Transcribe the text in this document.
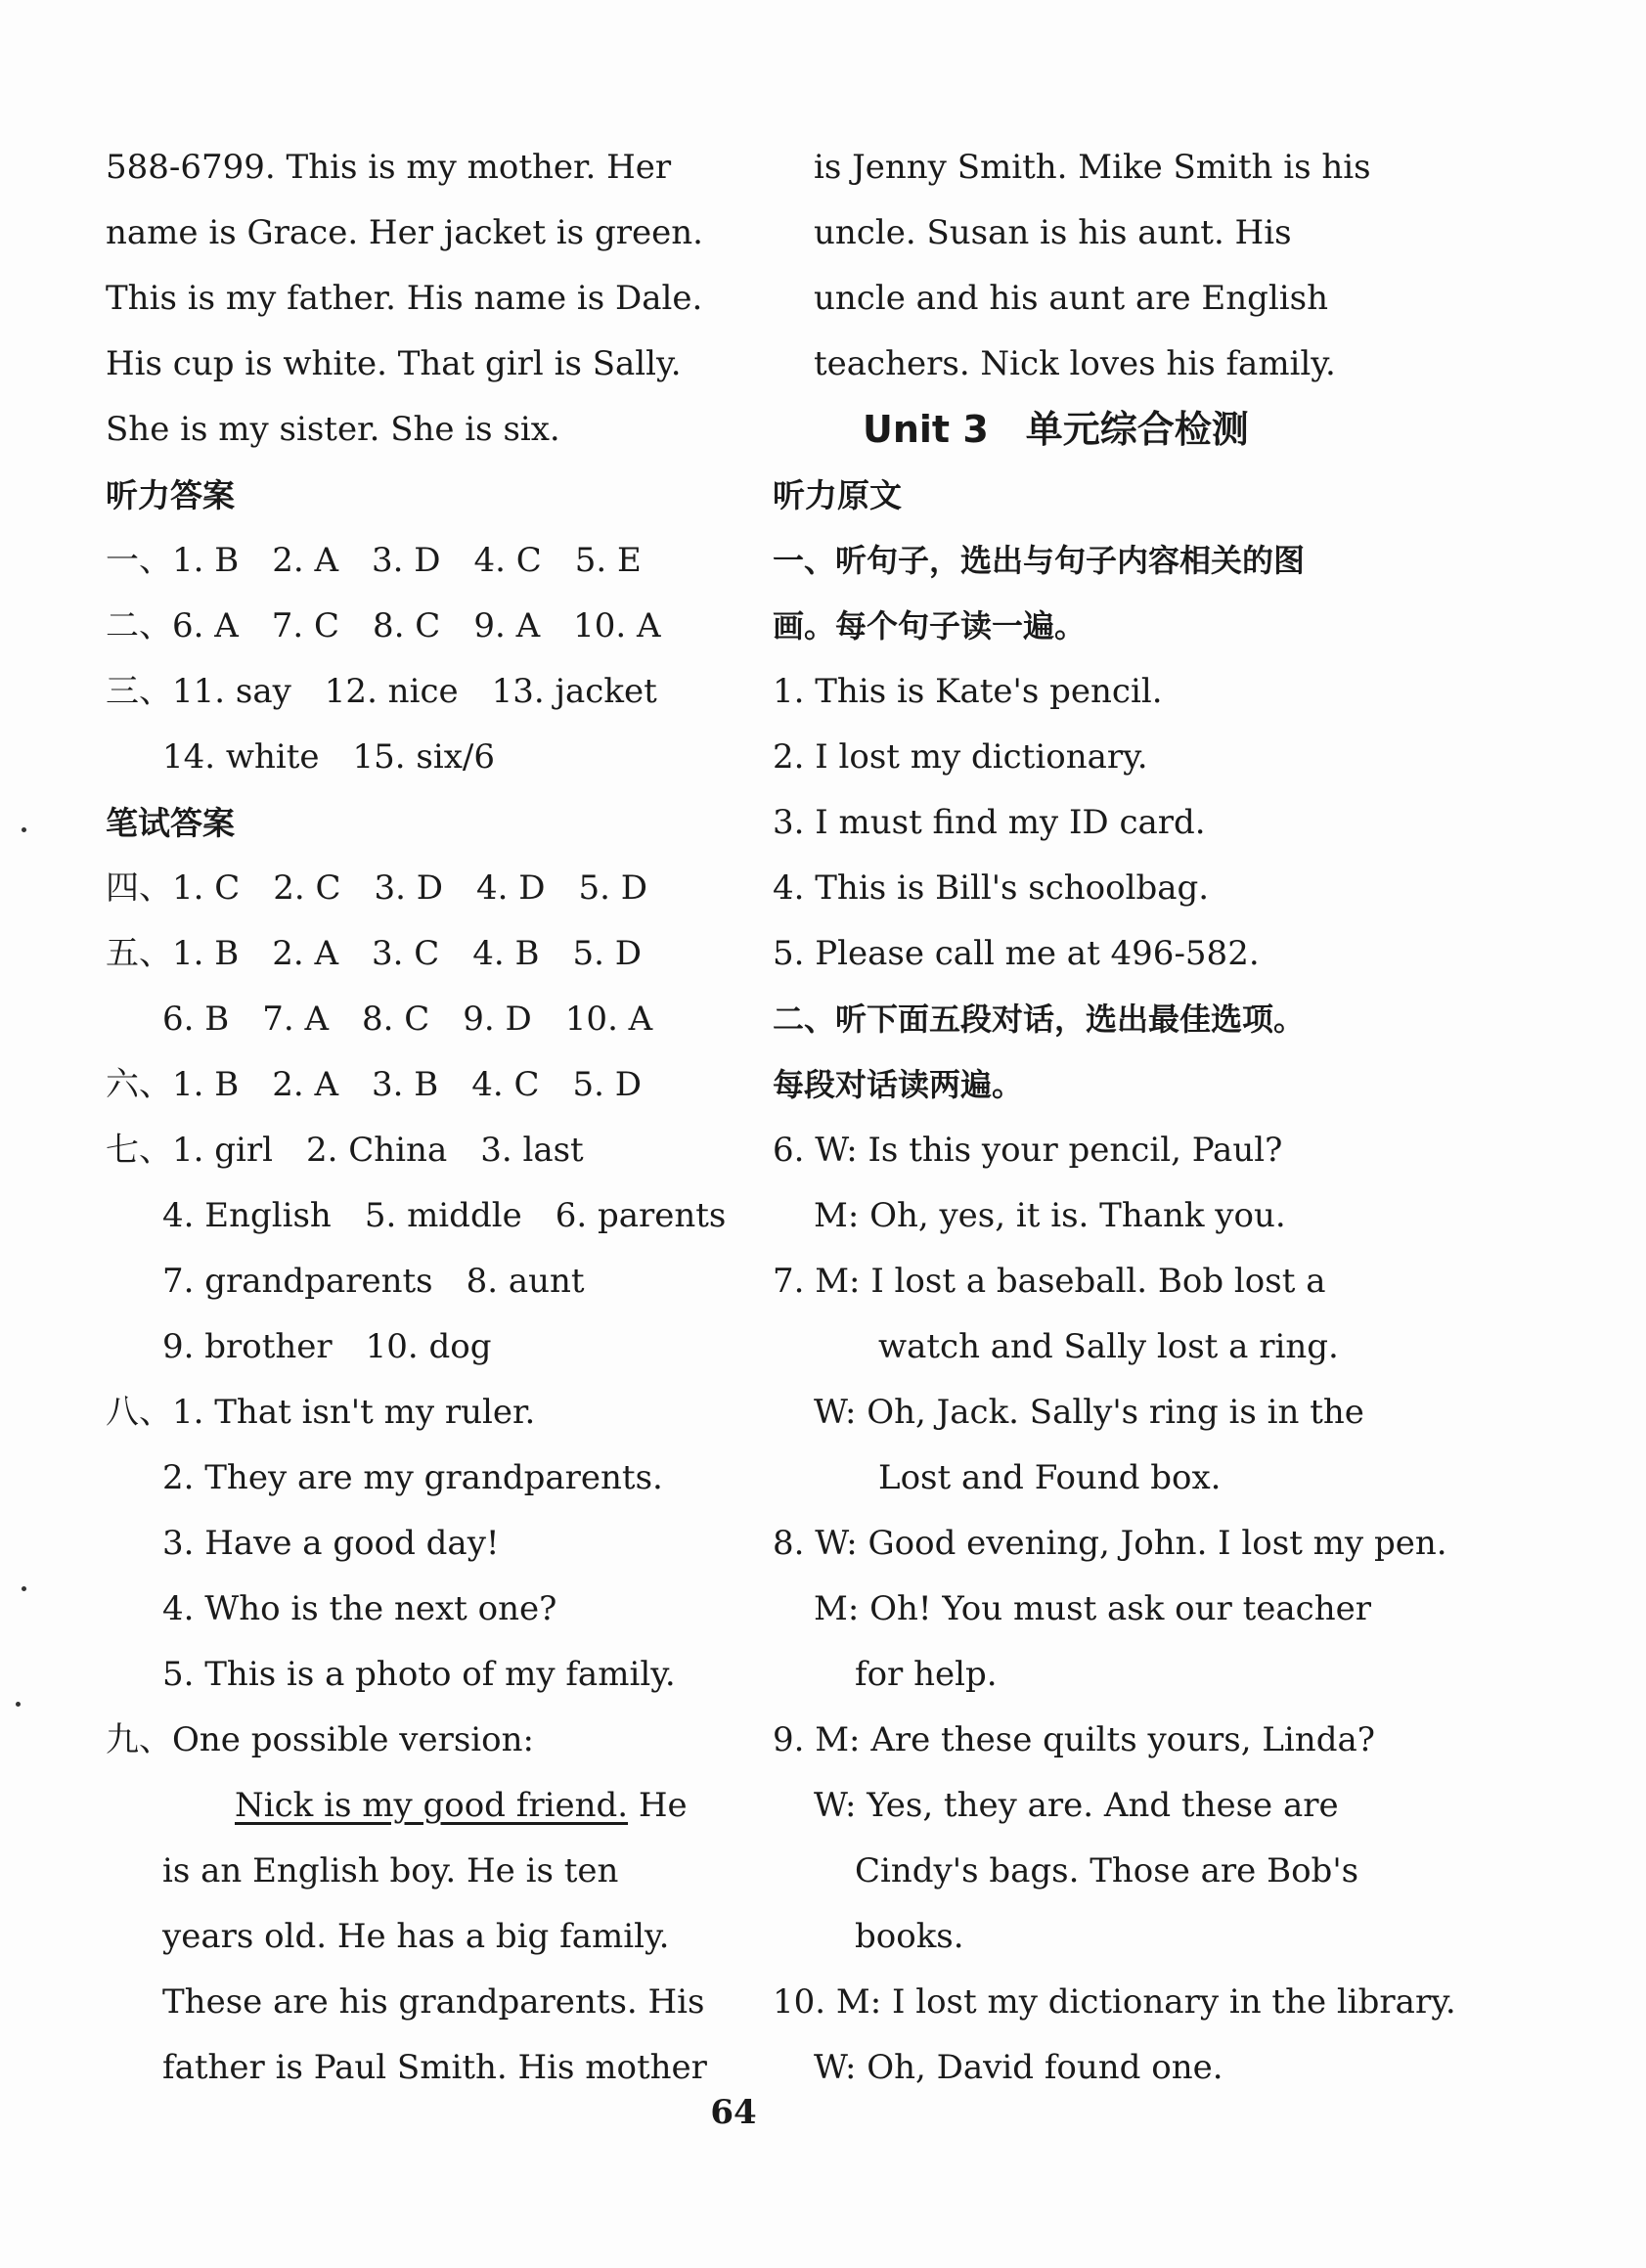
588-6799. This is my mother. Her
name is Grace. Her jacket is green.
This is my father. His name is Dale.
His cup is white. That girl is Sally.
She is my sister. She is six.
听力答案
一、1. B　2. A　3. D　4. C　5. E
二、6. A　7. C　8. C　9. A　10. A
三、11. say　12. nice　13. jacket
14. white　15. six/6
笔试答案
四、1. C　2. C　3. D　4. D　5. D
五、1. B　2. A　3. C　4. B　5. D
6. B　7. A　8. C　9. D　10. A
六、1. B　2. A　3. B　4. C　5. D
七、1. girl　2. China　3. last
4. English　5. middle　6. parents
7. grandparents　8. aunt
9. brother　10. dog
八、1. That isn't my ruler.
2. They are my grandparents.
3. Have a good day!
4. Who is the next one?
5. This is a photo of my family.
九、One possible version:
Nick is my good friend. He
is an English boy. He is ten
years old. He has a big family.
These are his grandparents. His
father is Paul Smith. His mother
is Jenny Smith. Mike Smith is his
uncle. Susan is his aunt. His
uncle and his aunt are English
teachers. Nick loves his family.
Unit 3　单元综合检测
听力原文
一、听句子，选出与句子内容相关的图
画。每个句子读一遍。
1. This is Kate's pencil.
2. I lost my dictionary.
3. I must find my ID card.
4. This is Bill's schoolbag.
5. Please call me at 496-582.
二、听下面五段对话，选出最佳选项。
每段对话读两遍。
6. W: Is this your pencil, Paul?
M: Oh, yes, it is. Thank you.
7. M: I lost a baseball. Bob lost a
watch and Sally lost a ring.
W: Oh, Jack. Sally's ring is in the
Lost and Found box.
8. W: Good evening, John. I lost my pen.
M: Oh! You must ask our teacher
for help.
9. M: Are these quilts yours, Linda?
W: Yes, they are. And these are
Cindy's bags. Those are Bob's
books.
10. M: I lost my dictionary in the library.
W: Oh, David found one.
64
